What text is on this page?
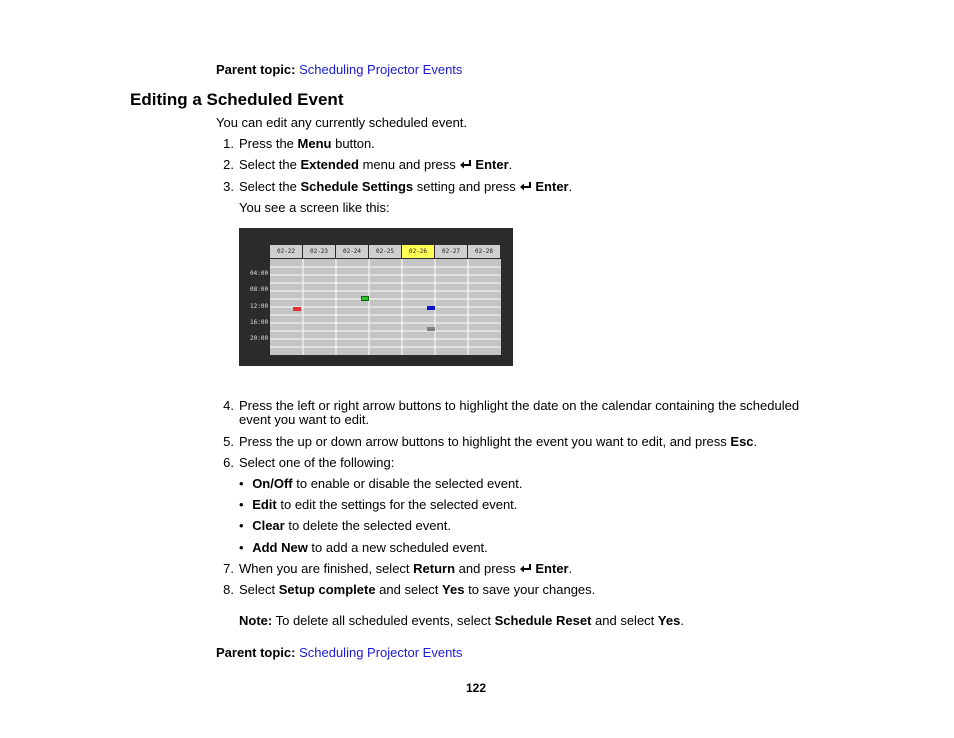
Parent topic: Scheduling Projector Events
Editing a Scheduled Event
You can edit any currently scheduled event.
1. Press the Menu button.
2. Select the Extended menu and press Enter.
3. Select the Schedule Settings setting and press Enter.
You see a screen like this:
02-22	02-23	02-24	02-25	02-26	02-27	02-28
04:00
08:00
12:00
16:00
20:00
4. Press the left or right arrow buttons to highlight the date on the calendar containing the scheduled
event you want to edit.
5. Press the up or down arrow buttons to highlight the event you want to edit, and press Esc.
6. Select one of the following:
• On/Off to enable or disable the selected event.
• Edit to edit the settings for the selected event.
• Clear to delete the selected event.
• Add New to add a new scheduled event.
7. When you are finished, select Return and press Enter.
8. Select Setup complete and select Yes to save your changes.
Note: To delete all scheduled events, select Schedule Reset and select Yes.
Parent topic: Scheduling Projector Events
122
